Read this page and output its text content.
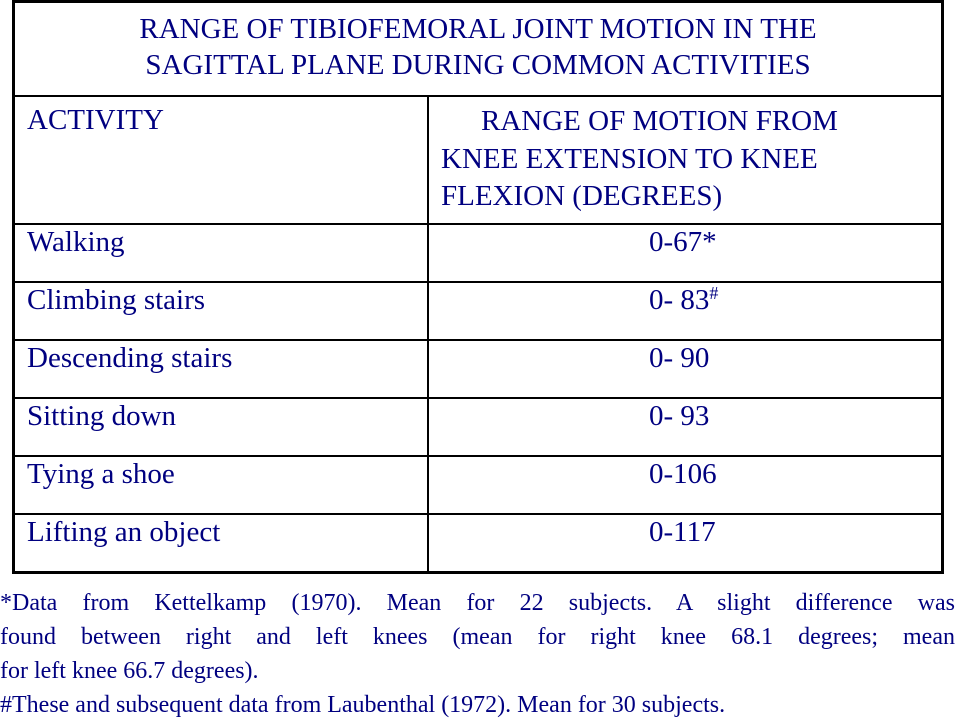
RANGE OF TIBIOFEMORAL JOINT MOTION IN THE
SAGITTAL PLANE DURING COMMON ACTIVITIES	

ACTIVITY	RANGE OF MOTION FROM
KNEE EXTENSION TO KNEE
FLEXION (DEGREES)

Walking	0-67*
Climbing stairs	0- 83#
Descending stairs	0- 90
Sitting down	0- 93
Tying a shoe	0-106
Lifting an object	0-117
*Data from Kettelkamp (1970). Mean for 22 subjects. A slight difference was
found between right and left knees (mean for right knee 68.1 degrees; mean
for left knee 66.7 degrees).
#These and subsequent data from Laubenthal (1972). Mean for 30 subjects.
